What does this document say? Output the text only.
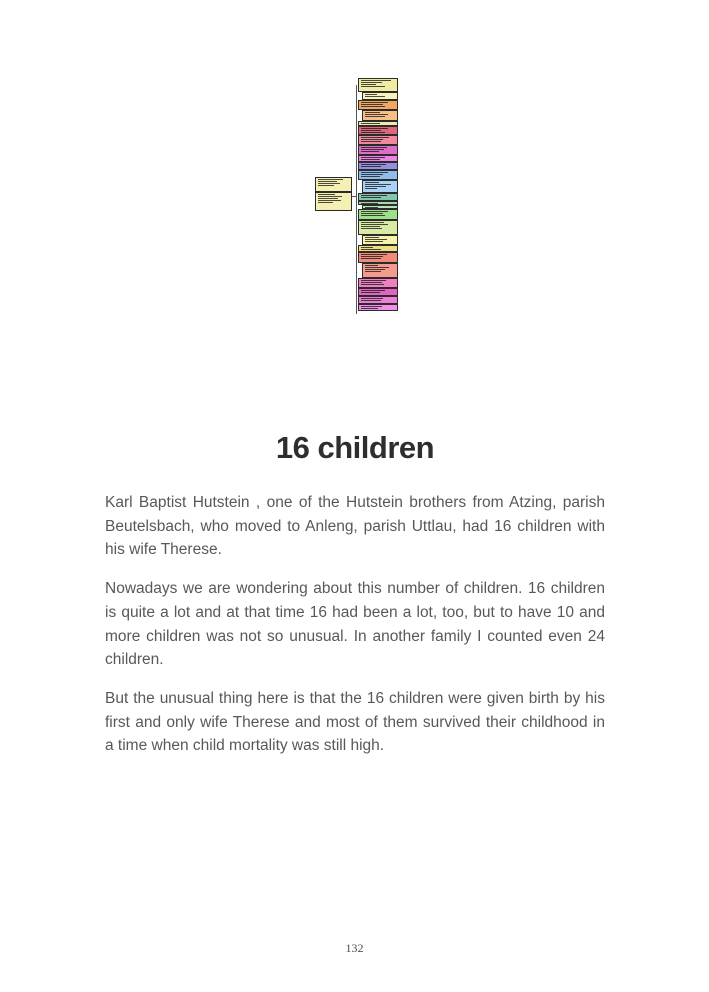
16 children

Karl Baptist Hutstein , one of the Hutstein brothers from Atzing, parish Beutelsbach, who moved to Anleng, parish Uttlau, had 16 children with his wife Therese.

Nowadays we are wondering about this number of children. 16 children is quite a lot and at that time 16 had been a lot, too, but to have 10 and more children was not so unusual. In another family I counted even 24 children.

But the unusual thing here is that the 16 children were given birth by his first and only wife Therese and most of them survived their childhood in a time when child mortality was still high.

132
